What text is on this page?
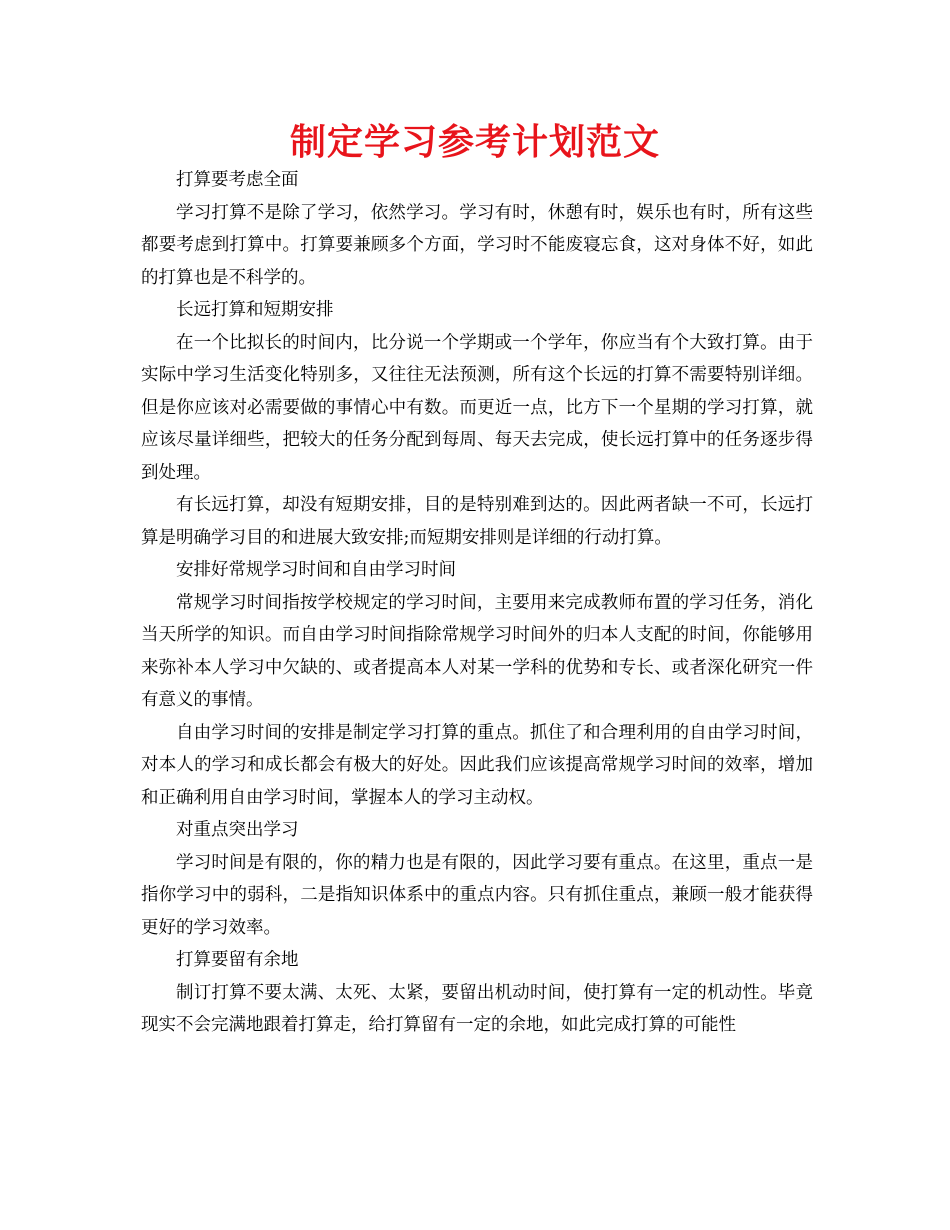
制定学习参考计划范文

打算要考虑全面

学习打算不是除了学习，依然学习。学习有时，休憩有时，娱乐也有时，所有这些都要考虑到打算中。打算要兼顾多个方面，学习时不能废寝忘食，这对身体不好，如此的打算也是不科学的。

长远打算和短期安排

在一个比拟长的时间内，比分说一个学期或一个学年，你应当有个大致打算。由于实际中学习生活变化特别多，又往往无法预测，所有这个长远的打算不需要特别详细。但是你应该对必需要做的事情心中有数。而更近一点，比方下一个星期的学习打算，就应该尽量详细些，把较大的任务分配到每周、每天去完成，使长远打算中的任务逐步得到处理。

有长远打算，却没有短期安排，目的是特别难到达的。因此两者缺一不可，长远打算是明确学习目的和进展大致安排;而短期安排则是详细的行动打算。

安排好常规学习时间和自由学习时间

常规学习时间指按学校规定的学习时间，主要用来完成教师布置的学习任务，消化当天所学的知识。而自由学习时间指除常规学习时间外的归本人支配的时间，你能够用来弥补本人学习中欠缺的、或者提高本人对某一学科的优势和专长、或者深化研究一件有意义的事情。

自由学习时间的安排是制定学习打算的重点。抓住了和合理利用的自由学习时间，对本人的学习和成长都会有极大的好处。因此我们应该提高常规学习时间的效率，增加和正确利用自由学习时间，掌握本人的学习主动权。

对重点突出学习

学习时间是有限的，你的精力也是有限的，因此学习要有重点。在这里，重点一是指你学习中的弱科，二是指知识体系中的重点内容。只有抓住重点，兼顾一般才能获得更好的学习效率。

打算要留有余地

制订打算不要太满、太死、太紧，要留出机动时间，使打算有一定的机动性。毕竟现实不会完满地跟着打算走，给打算留有一定的余地，如此完成打算的可能性
